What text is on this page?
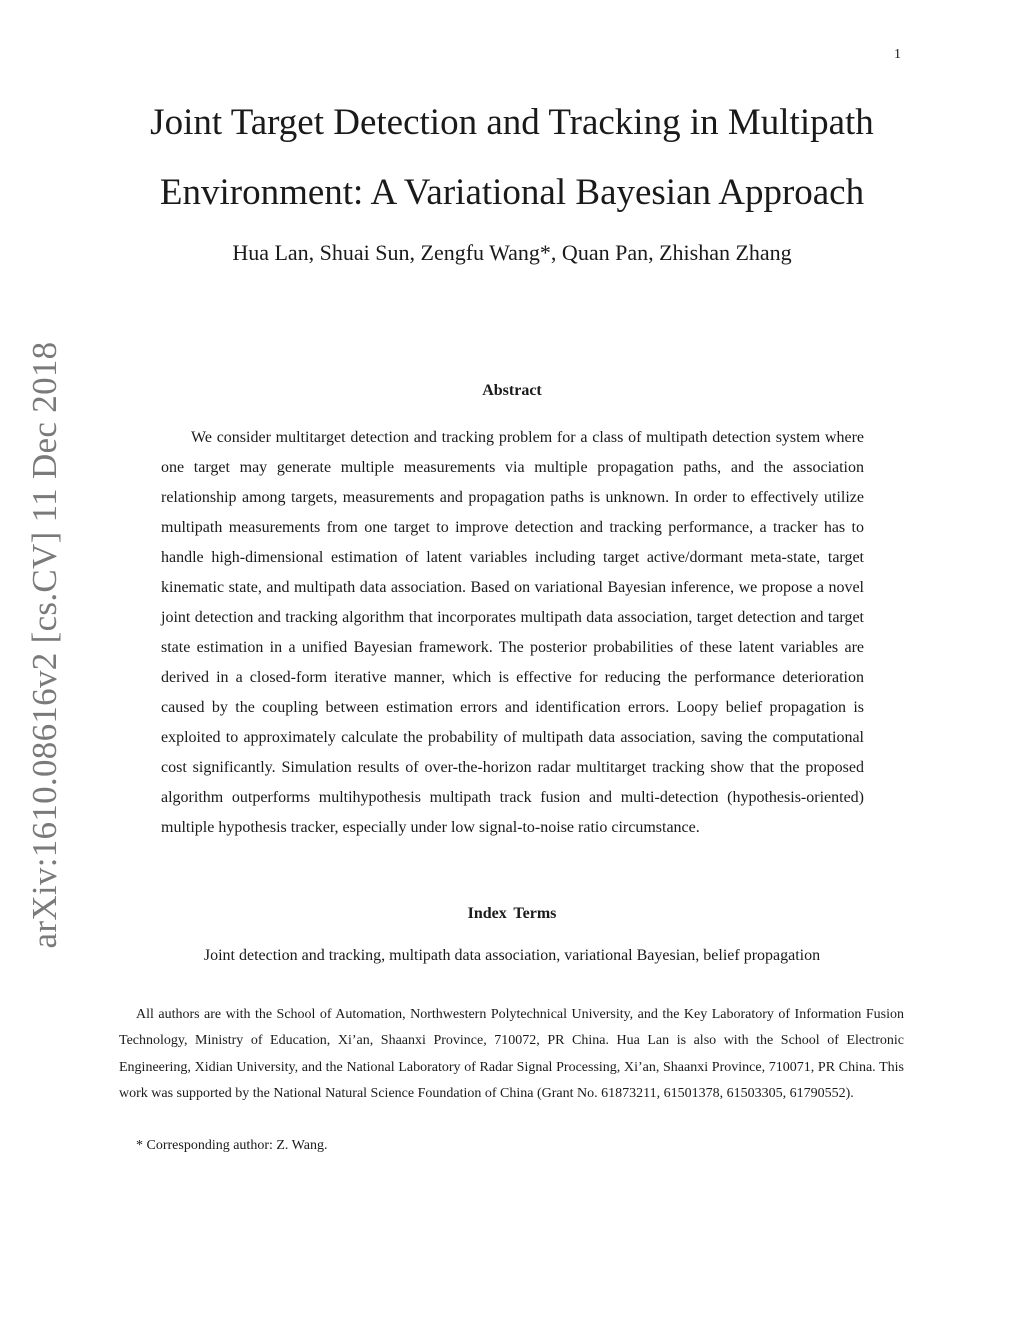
1
arXiv:1610.08616v2 [cs.CV] 11 Dec 2018
Joint Target Detection and Tracking in Multipath
Environment: A Variational Bayesian Approach
Hua Lan, Shuai Sun, Zengfu Wang*, Quan Pan, Zhishan Zhang
Abstract

We consider multitarget detection and tracking problem for a class of multipath detection system where one target may generate multiple measurements via multiple propagation paths, and the association relationship among targets, measurements and propagation paths is unknown. In order to effectively utilize multipath measurements from one target to improve detection and tracking performance, a tracker has to handle high-dimensional estimation of latent variables including target active/dormant meta-state, target kinematic state, and multipath data association. Based on variational Bayesian inference, we propose a novel joint detection and tracking algorithm that incorporates multipath data association, target detection and target state estimation in a unified Bayesian framework. The posterior probabilities of these latent variables are derived in a closed-form iterative manner, which is effective for reducing the performance deterioration caused by the coupling between estimation errors and identification errors. Loopy belief propagation is exploited to approximately calculate the probability of multipath data association, saving the computational cost significantly. Simulation results of over-the-horizon radar multitarget tracking show that the proposed algorithm outperforms multihypothesis multipath track fusion and multi-detection (hypothesis-oriented) multiple hypothesis tracker, especially under low signal-to-noise ratio circumstance.

Index Terms
Joint detection and tracking, multipath data association, variational Bayesian, belief propagation

All authors are with the School of Automation, Northwestern Polytechnical University, and the Key Laboratory of Information Fusion Technology, Ministry of Education, Xi’an, Shaanxi Province, 710072, PR China. Hua Lan is also with the School of Electronic Engineering, Xidian University, and the National Laboratory of Radar Signal Processing, Xi’an, Shaanxi Province, 710071, PR China. This work was supported by the National Natural Science Foundation of China (Grant No. 61873211, 61501378, 61503305, 61790552).

* Corresponding author: Z. Wang.
